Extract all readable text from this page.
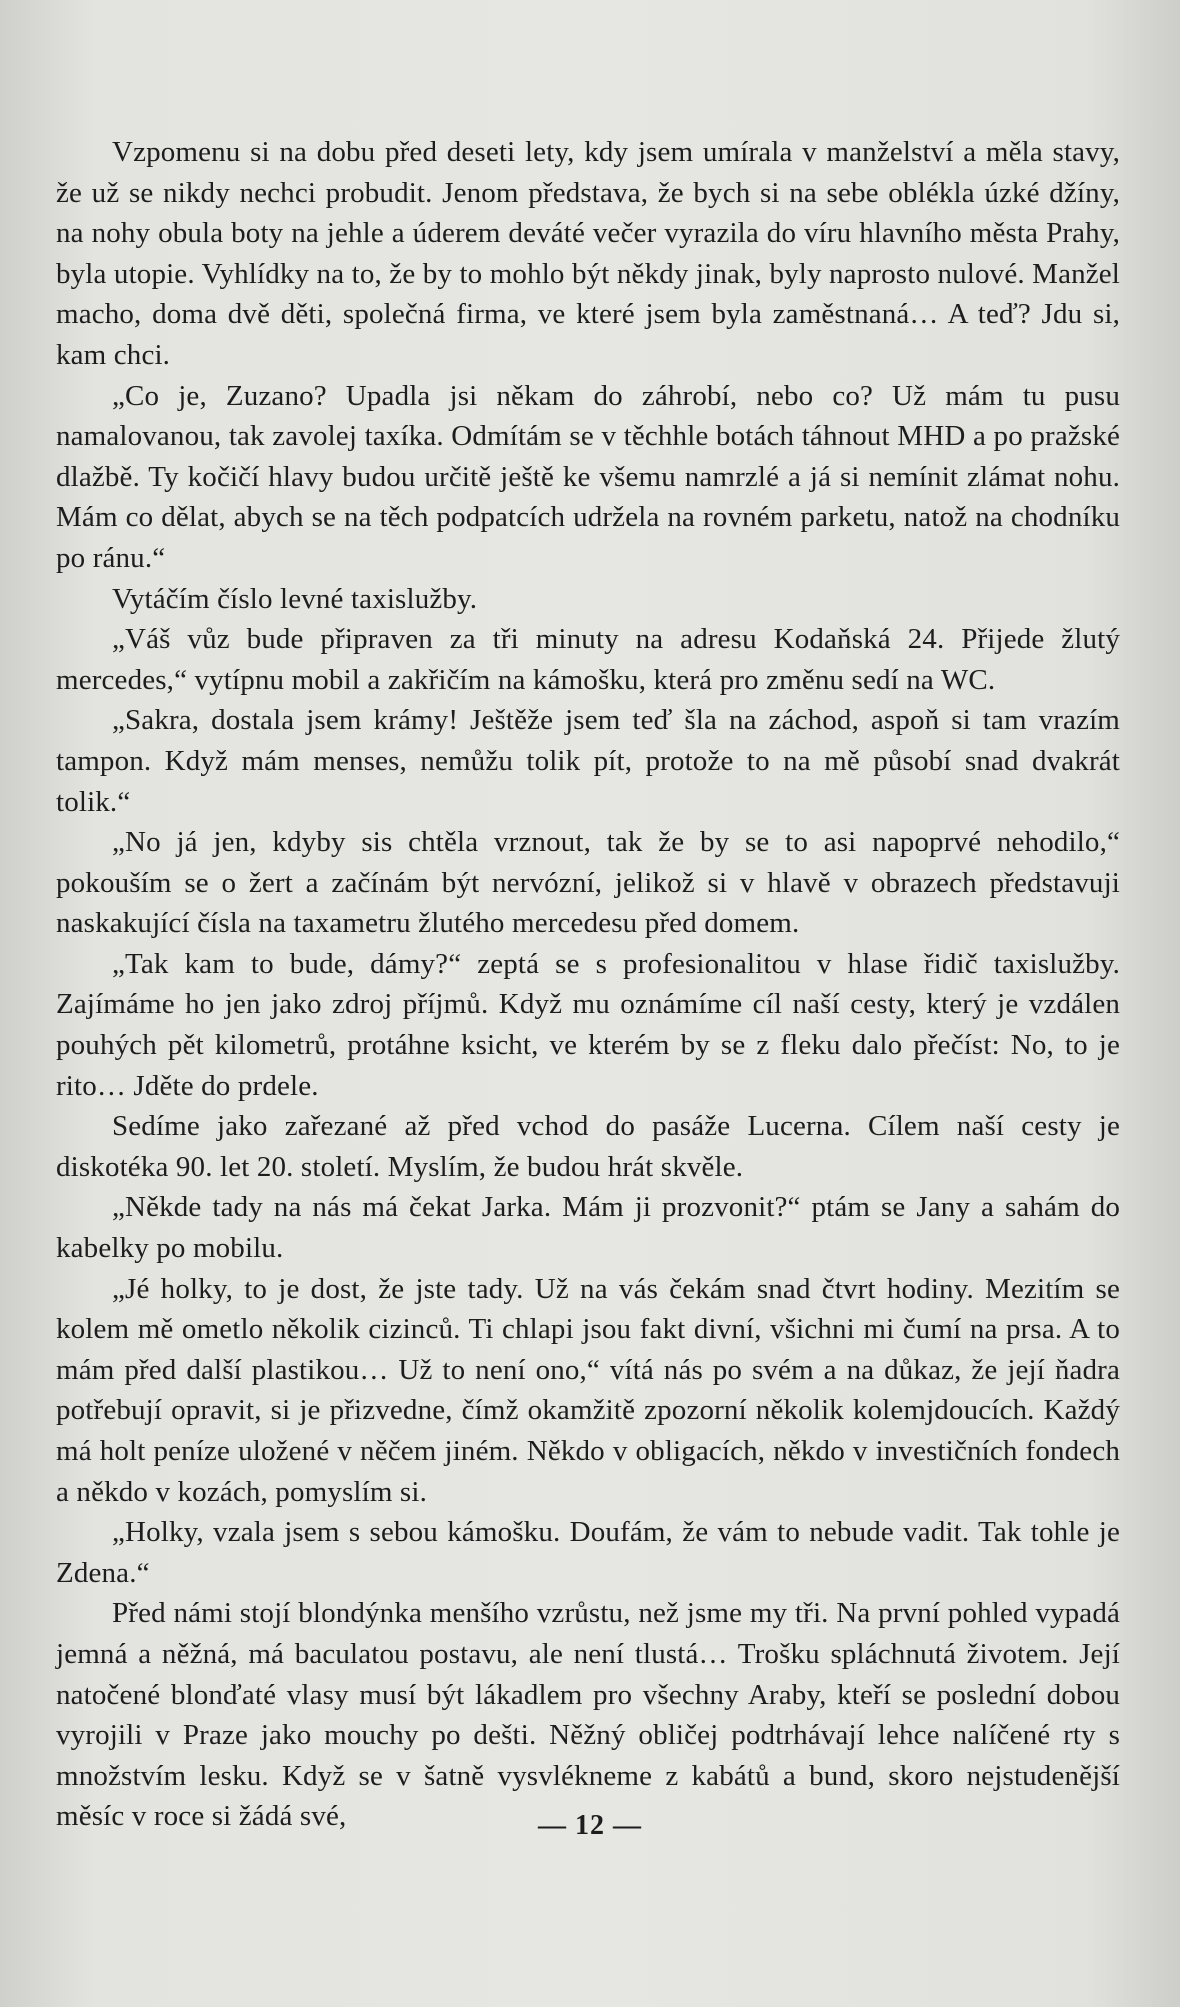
Vzpomenu si na dobu před deseti lety, kdy jsem umírala v manželství a měla stavy, že už se nikdy nechci probudit. Jenom představa, že bych si na sebe oblékla úzké džíny, na nohy obula boty na jehle a úderem deváté večer vyrazila do víru hlavního města Prahy, byla utopie. Vyhlídky na to, že by to mohlo být někdy jinak, byly naprosto nulové. Manžel macho, doma dvě děti, společná firma, ve které jsem byla zaměstnaná… A teď? Jdu si, kam chci.

„Co je, Zuzano? Upadla jsi někam do záhrobí, nebo co? Už mám tu pusu namalovanou, tak zavolej taxíka. Odmítám se v těchhle botách táhnout MHD a po pražské dlažbě. Ty kočičí hlavy budou určitě ještě ke všemu namrzlé a já si nemínit zlámat nohu. Mám co dělat, abych se na těch podpatcích udržela na rovném parketu, natož na chodníku po ránu.“

Vytáčím číslo levné taxislužby.

„Váš vůz bude připraven za tři minuty na adresu Kodaňská 24. Přijede žlutý mercedes,“ vytípnu mobil a zakřičím na kámošku, která pro změnu sedí na WC.

„Sakra, dostala jsem krámy! Ještěže jsem teď šla na záchod, aspoň si tam vrazím tampon. Když mám menses, nemůžu tolik pít, protože to na mě působí snad dvakrát tolik.“

„No já jen, kdyby sis chtěla vrznout, tak že by se to asi napoprvé nehodilo,“ pokouším se o žert a začínám být nervózní, jelikož si v hlavě v obrazech představuji naskakující čísla na taxametru žlutého mercedesu před domem.

„Tak kam to bude, dámy?“ zeptá se s profesionalitou v hlase řidič taxislužby. Zajímáme ho jen jako zdroj příjmů. Když mu oznámíme cíl naší cesty, který je vzdálen pouhých pět kilometrů, protáhne ksicht, ve kterém by se z fleku dalo přečíst: No, to je rito… Jděte do prdele.

Sedíme jako zařezané až před vchod do pasáže Lucerna. Cílem naší cesty je diskotéka 90. let 20. století. Myslím, že budou hrát skvěle.

„Někde tady na nás má čekat Jarka. Mám ji prozvonit?“ ptám se Jany a sahám do kabelky po mobilu.

„Jé holky, to je dost, že jste tady. Už na vás čekám snad čtvrt hodiny. Mezitím se kolem mě ometlo několik cizinců. Ti chlapi jsou fakt divní, všichni mi čumí na prsa. A to mám před další plastikou… Už to není ono,“ vítá nás po svém a na důkaz, že její ňadra potřebují opravit, si je přizvedne, čímž okamžitě zpozorní několik kolemjdoucích. Každý má holt peníze uložené v něčem jiném. Někdo v obligacích, někdo v investičních fondech a někdo v kozách, pomyslím si.

„Holky, vzala jsem s sebou kámošku. Doufám, že vám to nebude vadit. Tak tohle je Zdena.“

Před námi stojí blondýnka menšího vzrůstu, než jsme my tři. Na první pohled vypadá jemná a něžná, má baculatou postavu, ale není tlustá… Trošku spláchnutá životem. Její natočené blonďaté vlasy musí být lákadlem pro všechny Araby, kteří se poslední dobou vyrojili v Praze jako mouchy po dešti. Něžný obličej podtrhávají lehce nalíčené rty s množstvím lesku. Když se v šatně vysvlékneme z kabátů a bund, skoro nejstudenější měsíc v roce si žádá své,	— 12 —
